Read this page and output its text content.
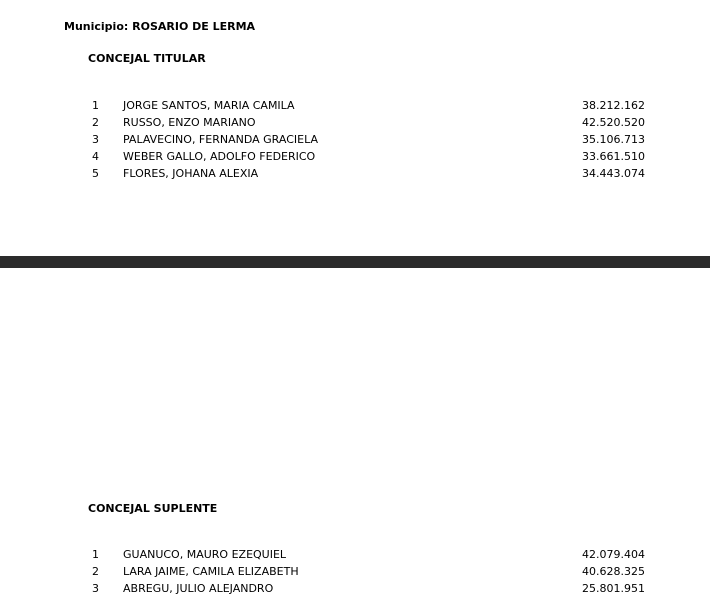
Municipio: ROSARIO DE LERMA
CONCEJAL TITULAR
1 JORGE SANTOS, MARIA CAMILA	38.212.162
2 RUSSO, ENZO MARIANO	42.520.520
3 PALAVECINO, FERNANDA GRACIELA	35.106.713
4 WEBER GALLO, ADOLFO FEDERICO	33.661.510
5 FLORES, JOHANA ALEXIA	34.443.074
CONCEJAL SUPLENTE
1 GUANUCO, MAURO EZEQUIEL	42.079.404
2 LARA JAIME, CAMILA ELIZABETH	40.628.325
3 ABREGU, JULIO ALEJANDRO	25.801.951
